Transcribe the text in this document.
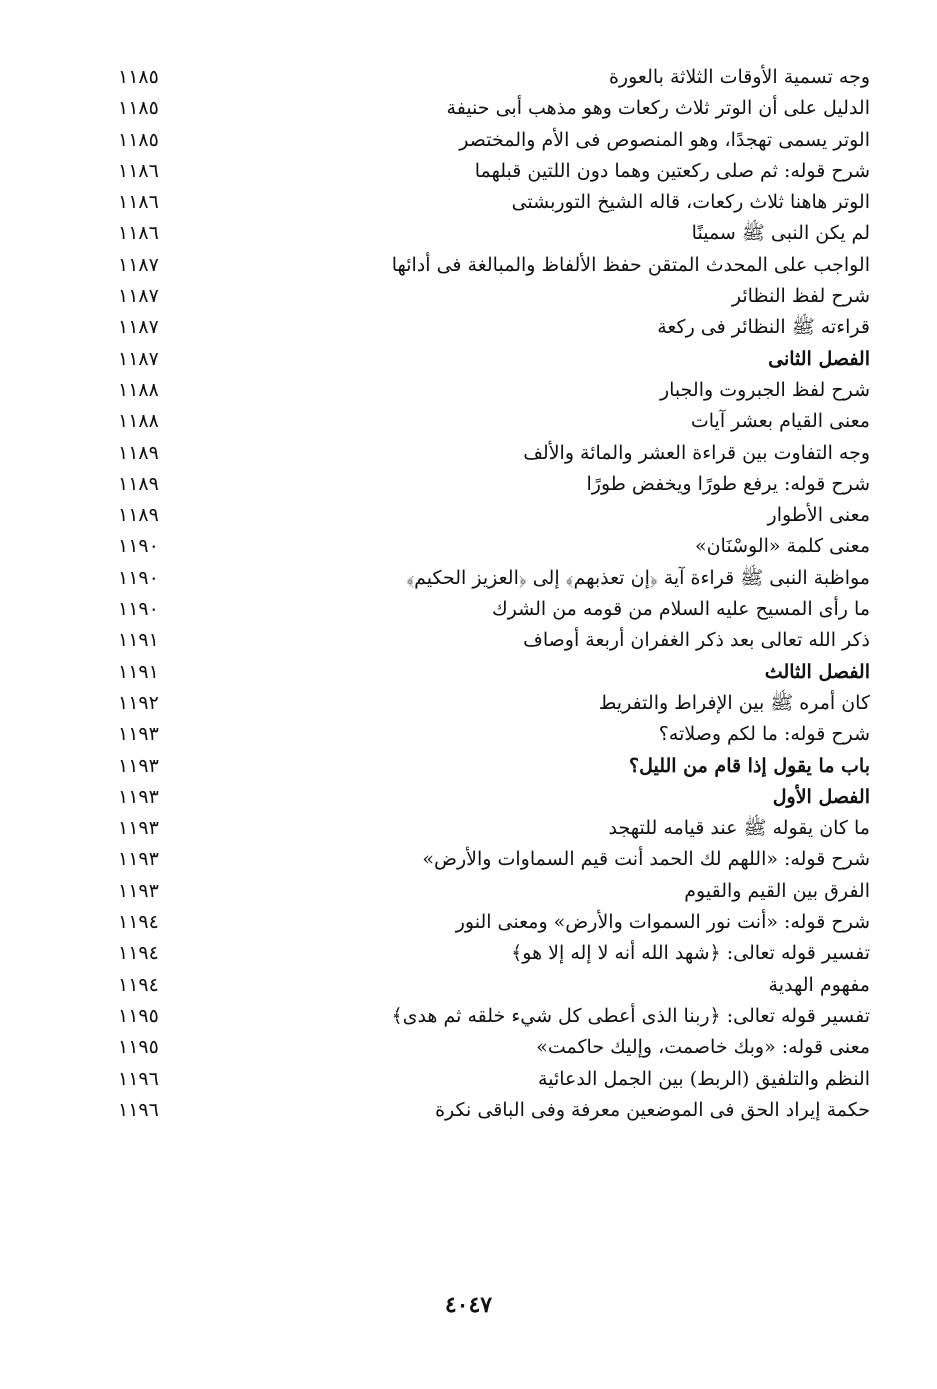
وجه تسمية الأوقات الثلاثة بالعورة
١١٨٥
الدليل على أن الوتر ثلاث ركعات وهو مذهب أبى حنيفة
١١٨٥
الوتر يسمى تهجدًا، وهو المنصوص فى الأم والمختصر
١١٨٥
شرح قوله: ثم صلى ركعتين وهما دون اللتين قبلهما
١١٨٦
الوتر هاهنا ثلاث ركعات، قاله الشيخ التوربشتى
١١٨٦
لم يكن النبى ﷺ سمينًا
١١٨٦
الواجب على المحدث المتقن حفظ الألفاظ والمبالغة فى أدائها
١١٨٧
شرح لفظ النظائر
١١٨٧
قراءته ﷺ النظائر فى ركعة
١١٨٧
الفصل الثانى
١١٨٧
شرح لفظ الجبروت والجبار
١١٨٨
معنى القيام بعشر آيات
١١٨٨
وجه التفاوت بين قراءة العشر والمائة والألف
١١٨٩
شرح قوله: يرفع طورًا ويخفض طورًا
١١٨٩
معنى الأطوار
١١٨٩
معنى كلمة «الوسْنَان»
١١٩٠
مواظبة النبى ﷺ قراءة آية ﴿إن تعذبهم﴾ إلى ﴿العزيز الحكيم﴾
١١٩٠
ما رأى المسيح عليه السلام من قومه من الشرك
١١٩٠
ذكر الله تعالى بعد ذكر الغفران أربعة أوصاف
١١٩١
الفصل الثالث
١١٩١
كان أمره ﷺ بين الإفراط والتفريط
١١٩٢
شرح قوله: ما لكم وصلاته؟
١١٩٣
باب ما يقول إذا قام من الليل؟
١١٩٣
الفصل الأول
١١٩٣
ما كان يقوله ﷺ عند قيامه للتهجد
١١٩٣
شرح قوله: «اللهم لك الحمد أنت قيم السماوات والأرض»
١١٩٣
الفرق بين القيم والقيوم
١١٩٣
شرح قوله: «أنت نور السموات والأرض» ومعنى النور
١١٩٤
تفسير قوله تعالى: ﴿شهد الله أنه لا إله إلا هو﴾
١١٩٤
مفهوم الهدية
١١٩٤
تفسير قوله تعالى: ﴿ربنا الذى أعطى كل شيء خلقه ثم هدى﴾
١١٩٥
معنى قوله: «وبك خاصمت، وإليك حاكمت»
١١٩٥
النظم والتلفيق (الربط) بين الجمل الدعائية
١١٩٦
حكمة إيراد الحق فى الموضعين معرفة وفى الباقى نكرة
١١٩٦
٤٠٤٧
